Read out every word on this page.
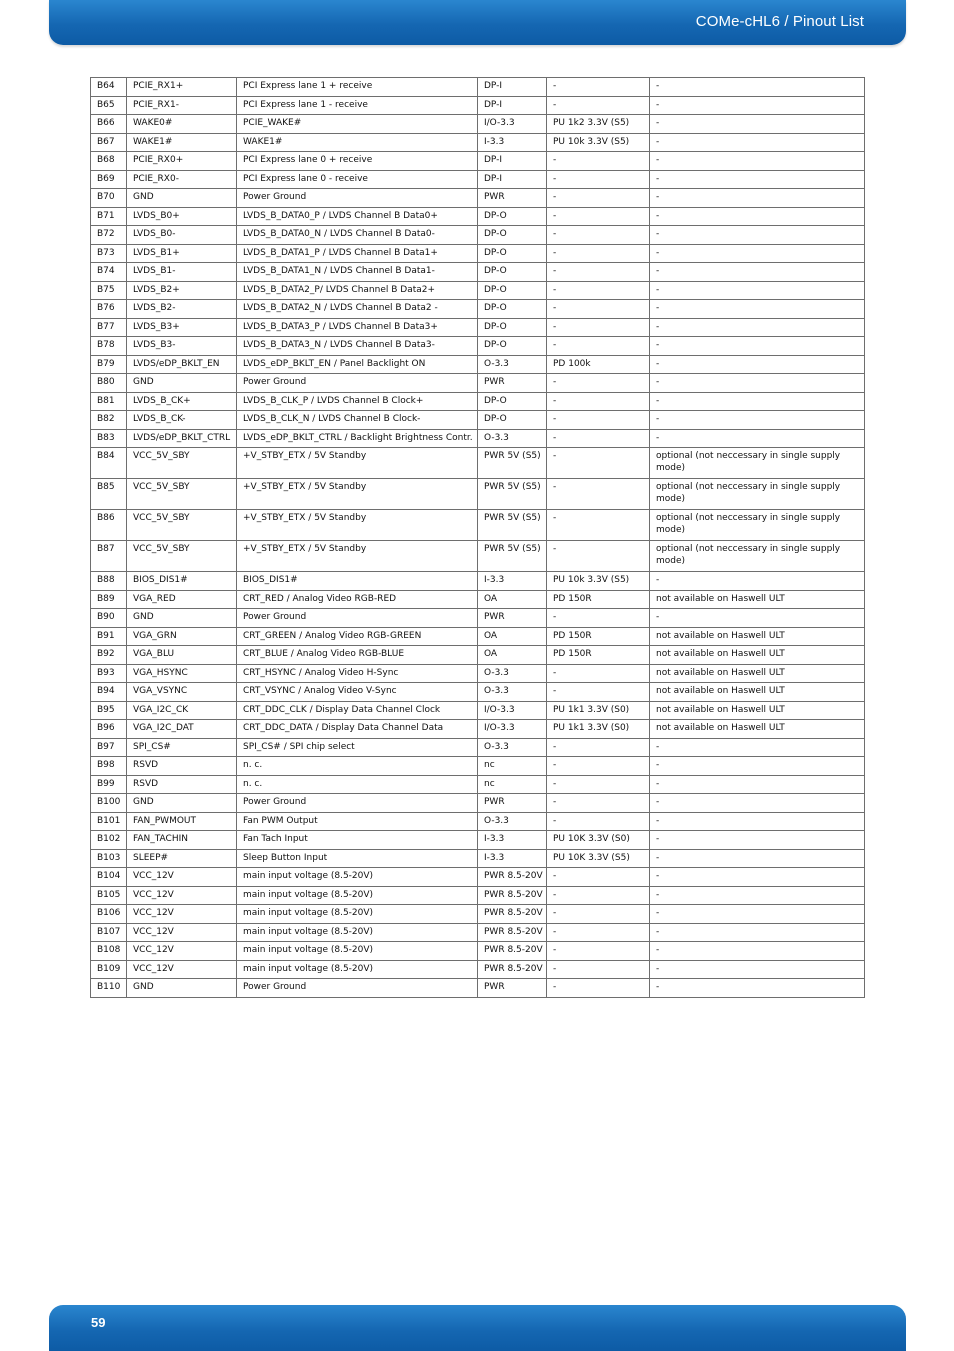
COMe-cHL6 / Pinout List
B64	PCIE_RX1+	PCI Express lane 1 + receive	DP-I	-	-
B65	PCIE_RX1-	PCI Express lane 1 - receive	DP-I	-	-
B66	WAKE0#	PCIE_WAKE#	I/O-3.3	PU 1k2 3.3V (S5)	-
B67	WAKE1#	WAKE1#	I-3.3	PU 10k 3.3V (S5)	-
B68	PCIE_RX0+	PCI Express lane 0 + receive	DP-I	-	-
B69	PCIE_RX0-	PCI Express lane 0 - receive	DP-I	-	-
B70	GND	Power Ground	PWR	-	-
B71	LVDS_B0+	LVDS_B_DATA0_P / LVDS Channel B Data0+	DP-O	-	-
B72	LVDS_B0-	LVDS_B_DATA0_N / LVDS Channel B Data0-	DP-O	-	-
B73	LVDS_B1+	LVDS_B_DATA1_P / LVDS Channel B Data1+	DP-O	-	-
B74	LVDS_B1-	LVDS_B_DATA1_N / LVDS Channel B Data1-	DP-O	-	-
B75	LVDS_B2+	LVDS_B_DATA2_P/ LVDS Channel B Data2+	DP-O	-	-
B76	LVDS_B2-	LVDS_B_DATA2_N / LVDS Channel B Data2 -	DP-O	-	-
B77	LVDS_B3+	LVDS_B_DATA3_P / LVDS Channel B Data3+	DP-O	-	-
B78	LVDS_B3-	LVDS_B_DATA3_N / LVDS Channel B Data3-	DP-O	-	-
B79	LVDS/eDP_BKLT_EN	LVDS_eDP_BKLT_EN / Panel Backlight ON	O-3.3	PD 100k	-
B80	GND	Power Ground	PWR	-	-
B81	LVDS_B_CK+	LVDS_B_CLK_P / LVDS Channel B Clock+	DP-O	-	-
B82	LVDS_B_CK-	LVDS_B_CLK_N / LVDS Channel B Clock-	DP-O	-	-
B83	LVDS/eDP_BKLT_CTRL	LVDS_eDP_BKLT_CTRL / Backlight Brightness Contr.	O-3.3	-	-
B84	VCC_5V_SBY	+V_STBY_ETX / 5V Standby	PWR 5V (S5)	-	optional (not neccessary in single supply mode)
B85	VCC_5V_SBY	+V_STBY_ETX / 5V Standby	PWR 5V (S5)	-	optional (not neccessary in single supply mode)
B86	VCC_5V_SBY	+V_STBY_ETX / 5V Standby	PWR 5V (S5)	-	optional (not neccessary in single supply mode)
B87	VCC_5V_SBY	+V_STBY_ETX / 5V Standby	PWR 5V (S5)	-	optional (not neccessary in single supply mode)
B88	BIOS_DIS1#	BIOS_DIS1#	I-3.3	PU 10k 3.3V (S5)	-
B89	VGA_RED	CRT_RED / Analog Video RGB-RED	OA	PD 150R	not available on Haswell ULT
B90	GND	Power Ground	PWR	-	-
B91	VGA_GRN	CRT_GREEN / Analog Video RGB-GREEN	OA	PD 150R	not available on Haswell ULT
B92	VGA_BLU	CRT_BLUE / Analog Video RGB-BLUE	OA	PD 150R	not available on Haswell ULT
B93	VGA_HSYNC	CRT_HSYNC / Analog Video H-Sync	O-3.3	-	not available on Haswell ULT
B94	VGA_VSYNC	CRT_VSYNC / Analog Video V-Sync	O-3.3	-	not available on Haswell ULT
B95	VGA_I2C_CK	CRT_DDC_CLK / Display Data Channel Clock	I/O-3.3	PU 1k1 3.3V (S0)	not available on Haswell ULT
B96	VGA_I2C_DAT	CRT_DDC_DATA / Display Data Channel Data	I/O-3.3	PU 1k1 3.3V (S0)	not available on Haswell ULT
B97	SPI_CS#	SPI_CS# / SPI chip select	O-3.3	-	-
B98	RSVD	n. c.	nc	-	-
B99	RSVD	n. c.	nc	-	-
B100	GND	Power Ground	PWR	-	-
B101	FAN_PWMOUT	Fan PWM Output	O-3.3	-	-
B102	FAN_TACHIN	Fan Tach Input	I-3.3	PU 10K 3.3V (S0)	-
B103	SLEEP#	Sleep Button Input	I-3.3	PU 10K 3.3V (S5)	-
B104	VCC_12V	main input voltage (8.5-20V)	PWR 8.5-20V	-	-
B105	VCC_12V	main input voltage (8.5-20V)	PWR 8.5-20V	-	-
B106	VCC_12V	main input voltage (8.5-20V)	PWR 8.5-20V	-	-
B107	VCC_12V	main input voltage (8.5-20V)	PWR 8.5-20V	-	-
B108	VCC_12V	main input voltage (8.5-20V)	PWR 8.5-20V	-	-
B109	VCC_12V	main input voltage (8.5-20V)	PWR 8.5-20V	-	-
B110	GND	Power Ground	PWR	-	-
59
